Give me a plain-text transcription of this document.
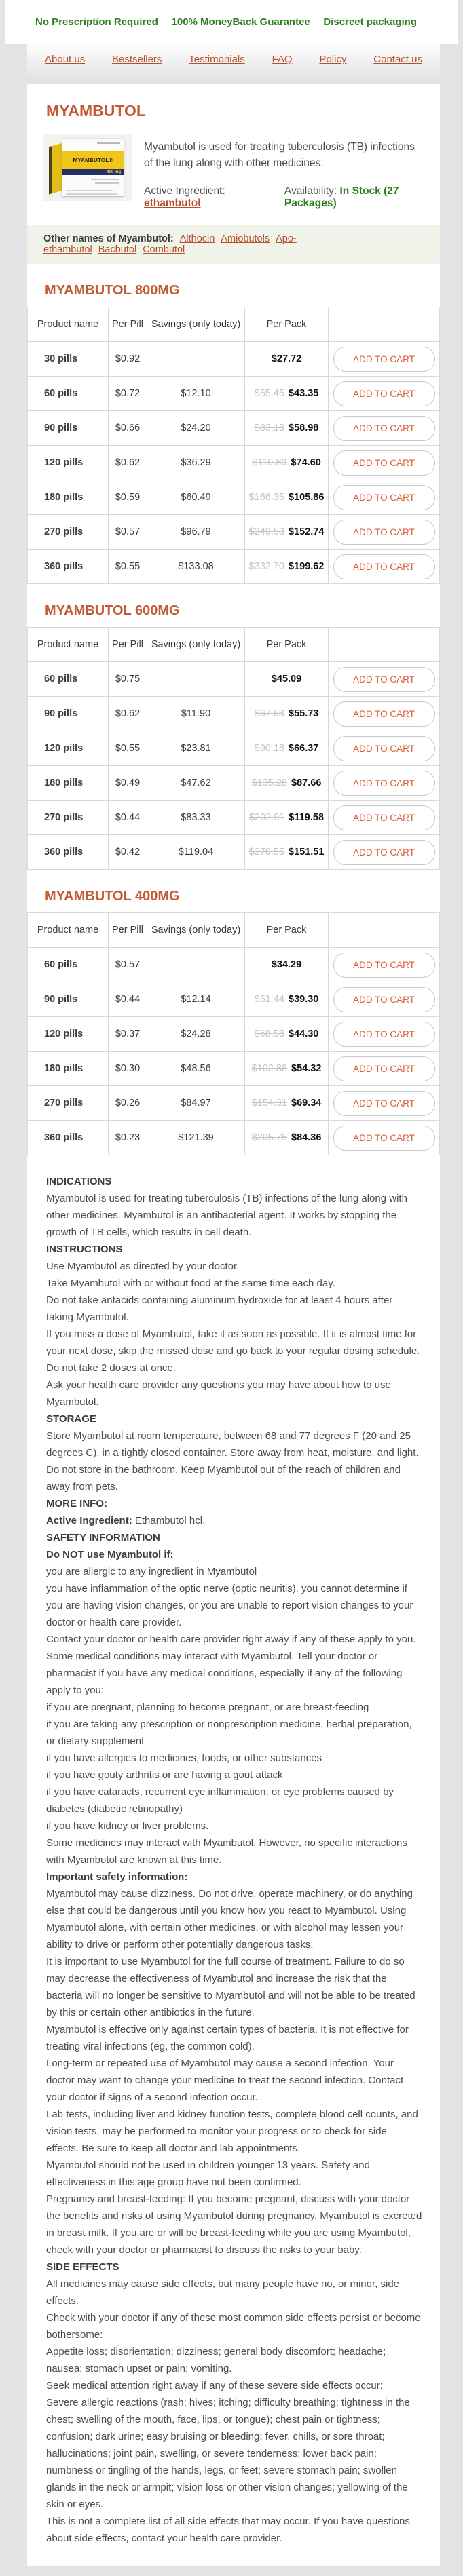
No Prescription Required 100% MoneyBack Guarantee Discreet packaging
About us	Bestsellers	Testimonials	FAQ	Policy	Contact us
MYAMBUTOL
MYAMBUTOL®
400 mg

Myambutol is used for treating tuberculosis (TB) infections of the lung along with other medicines.

Active Ingredient: ethambutol
Availability: In Stock (27 Packages)
Other names of Myambutol: Althocin Amiobutols Apo-ethambutol Bacbutol Combutol
MYAMBUTOL 800MG
Product name	Per Pill	Savings (only today)	Per Pack	
30 pills	$0.92		$27.72	ADD TO CART
60 pills	$0.72	$12.10	$55.45 $43.35	ADD TO CART
90 pills	$0.66	$24.20	$83.18 $58.98	ADD TO CART
120 pills	$0.62	$36.29	$110.89 $74.60	ADD TO CART
180 pills	$0.59	$60.49	$166.35 $105.86	ADD TO CART
270 pills	$0.57	$96.79	$249.53 $152.74	ADD TO CART
360 pills	$0.55	$133.08	$332.70 $199.62	ADD TO CART
MYAMBUTOL 600MG
Product name	Per Pill	Savings (only today)	Per Pack	
60 pills	$0.75		$45.09	ADD TO CART
90 pills	$0.62	$11.90	$67.63 $55.73	ADD TO CART
120 pills	$0.55	$23.81	$90.18 $66.37	ADD TO CART
180 pills	$0.49	$47.62	$135.28 $87.66	ADD TO CART
270 pills	$0.44	$83.33	$202.91 $119.58	ADD TO CART
360 pills	$0.42	$119.04	$270.55 $151.51	ADD TO CART
MYAMBUTOL 400MG
Product name	Per Pill	Savings (only today)	Per Pack	
60 pills	$0.57		$34.29	ADD TO CART
90 pills	$0.44	$12.14	$51.44 $39.30	ADD TO CART
120 pills	$0.37	$24.28	$68.58 $44.30	ADD TO CART
180 pills	$0.30	$48.56	$102.88 $54.32	ADD TO CART
270 pills	$0.26	$84.97	$154.31 $69.34	ADD TO CART
360 pills	$0.23	$121.39	$205.75 $84.36	ADD TO CART
INDICATIONS
Myambutol is used for treating tuberculosis (TB) infections of the lung along with other medicines. Myambutol is an antibacterial agent. It works by stopping the growth of TB cells, which results in cell death.
INSTRUCTIONS
Use Myambutol as directed by your doctor.
Take Myambutol with or without food at the same time each day.
Do not take antacids containing aluminum hydroxide for at least 4 hours after taking Myambutol.
If you miss a dose of Myambutol, take it as soon as possible. If it is almost time for your next dose, skip the missed dose and go back to your regular dosing schedule. Do not take 2 doses at once.
Ask your health care provider any questions you may have about how to use Myambutol.
STORAGE
Store Myambutol at room temperature, between 68 and 77 degrees F (20 and 25 degrees C), in a tightly closed container. Store away from heat, moisture, and light. Do not store in the bathroom. Keep Myambutol out of the reach of children and away from pets.
MORE INFO:
Active Ingredient: Ethambutol hcl.
SAFETY INFORMATION
Do NOT use Myambutol if:
you are allergic to any ingredient in Myambutol
you have inflammation of the optic nerve (optic neuritis), you cannot determine if you are having vision changes, or you are unable to report vision changes to your doctor or health care provider.
Contact your doctor or health care provider right away if any of these apply to you.
Some medical conditions may interact with Myambutol. Tell your doctor or pharmacist if you have any medical conditions, especially if any of the following apply to you:
if you are pregnant, planning to become pregnant, or are breast-feeding
if you are taking any prescription or nonprescription medicine, herbal preparation, or dietary supplement
if you have allergies to medicines, foods, or other substances
if you have gouty arthritis or are having a gout attack
if you have cataracts, recurrent eye inflammation, or eye problems caused by diabetes (diabetic retinopathy)
if you have kidney or liver problems.
Some medicines may interact with Myambutol. However, no specific interactions with Myambutol are known at this time.
Important safety information:
Myambutol may cause dizziness. Do not drive, operate machinery, or do anything else that could be dangerous until you know how you react to Myambutol. Using Myambutol alone, with certain other medicines, or with alcohol may lessen your ability to drive or perform other potentially dangerous tasks.
It is important to use Myambutol for the full course of treatment. Failure to do so may decrease the effectiveness of Myambutol and increase the risk that the bacteria will no longer be sensitive to Myambutol and will not be able to be treated by this or certain other antibiotics in the future.
Myambutol is effective only against certain types of bacteria. It is not effective for treating viral infections (eg, the common cold).
Long-term or repeated use of Myambutol may cause a second infection. Your doctor may want to change your medicine to treat the second infection. Contact your doctor if signs of a second infection occur.
Lab tests, including liver and kidney function tests, complete blood cell counts, and vision tests, may be performed to monitor your progress or to check for side effects. Be sure to keep all doctor and lab appointments.
Myambutol should not be used in children younger 13 years. Safety and effectiveness in this age group have not been confirmed.
Pregnancy and breast-feeding: If you become pregnant, discuss with your doctor the benefits and risks of using Myambutol during pregnancy. Myambutol is excreted in breast milk. If you are or will be breast-feeding while you are using Myambutol, check with your doctor or pharmacist to discuss the risks to your baby.
SIDE EFFECTS
All medicines may cause side effects, but many people have no, or minor, side effects.
Check with your doctor if any of these most common side effects persist or become bothersome:
Appetite loss; disorientation; dizziness; general body discomfort; headache; nausea; stomach upset or pain; vomiting.
Seek medical attention right away if any of these severe side effects occur:
Severe allergic reactions (rash; hives; itching; difficulty breathing; tightness in the chest; swelling of the mouth, face, lips, or tongue); chest pain or tightness; confusion; dark urine; easy bruising or bleeding; fever, chills, or sore throat; hallucinations; joint pain, swelling, or severe tenderness; lower back pain; numbness or tingling of the hands, legs, or feet; severe stomach pain; swollen glands in the neck or armpit; vision loss or other vision changes; yellowing of the skin or eyes.
This is not a complete list of all side effects that may occur. If you have questions about side effects, contact your health care provider.
